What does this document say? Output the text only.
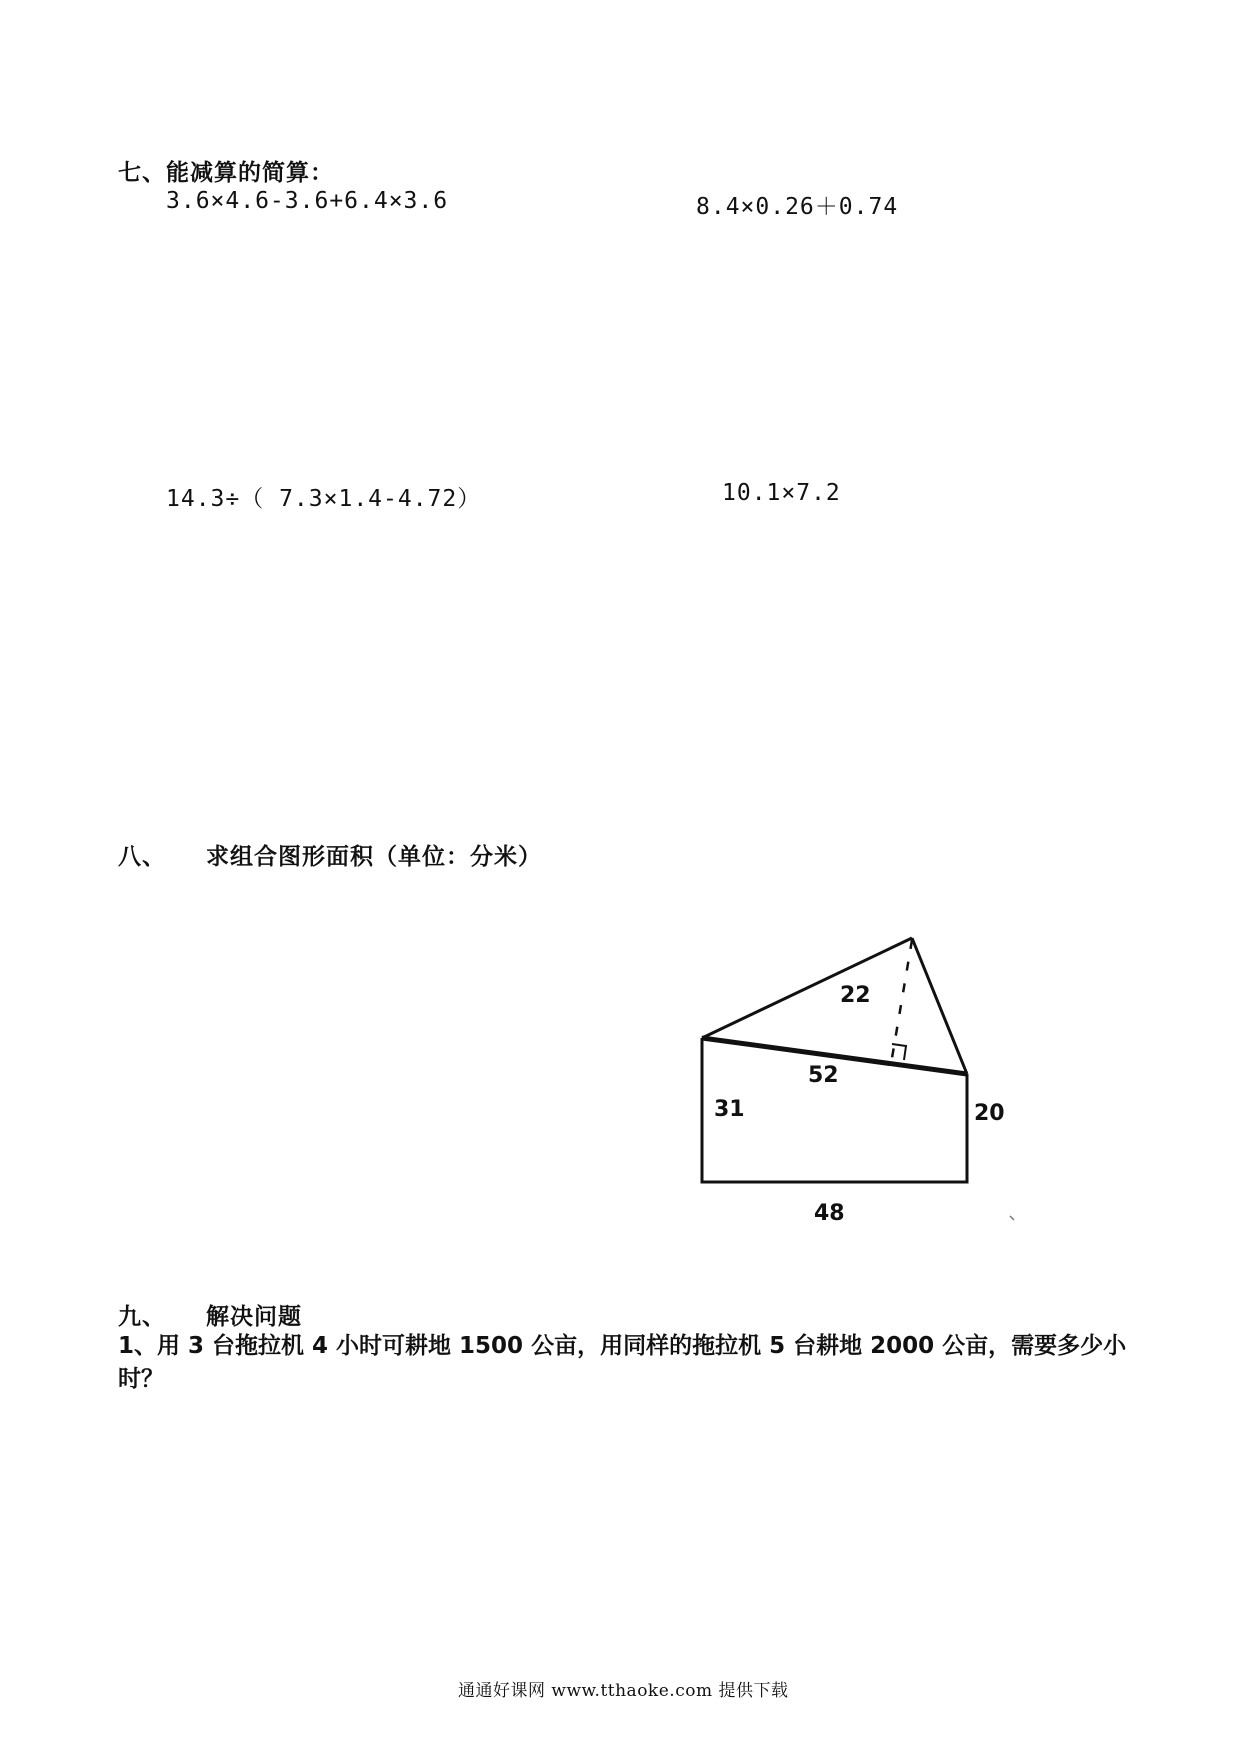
七、能减算的简算：
3.6×4.6-3.6+6.4×3.6	8.4×0.26＋0.74
14.3÷（ 7.3×1.4-4.72）	10.1×7.2
八、 求组合图形面积（单位：分米）
22
52
31	20
48
九、 解决问题
1、用 3 台拖拉机 4 小时可耕地 1500 公亩，用同样的拖拉机 5 台耕地 2000 公亩，需要多少小时？
通通好课网 www.tthaoke.com 提供下载
